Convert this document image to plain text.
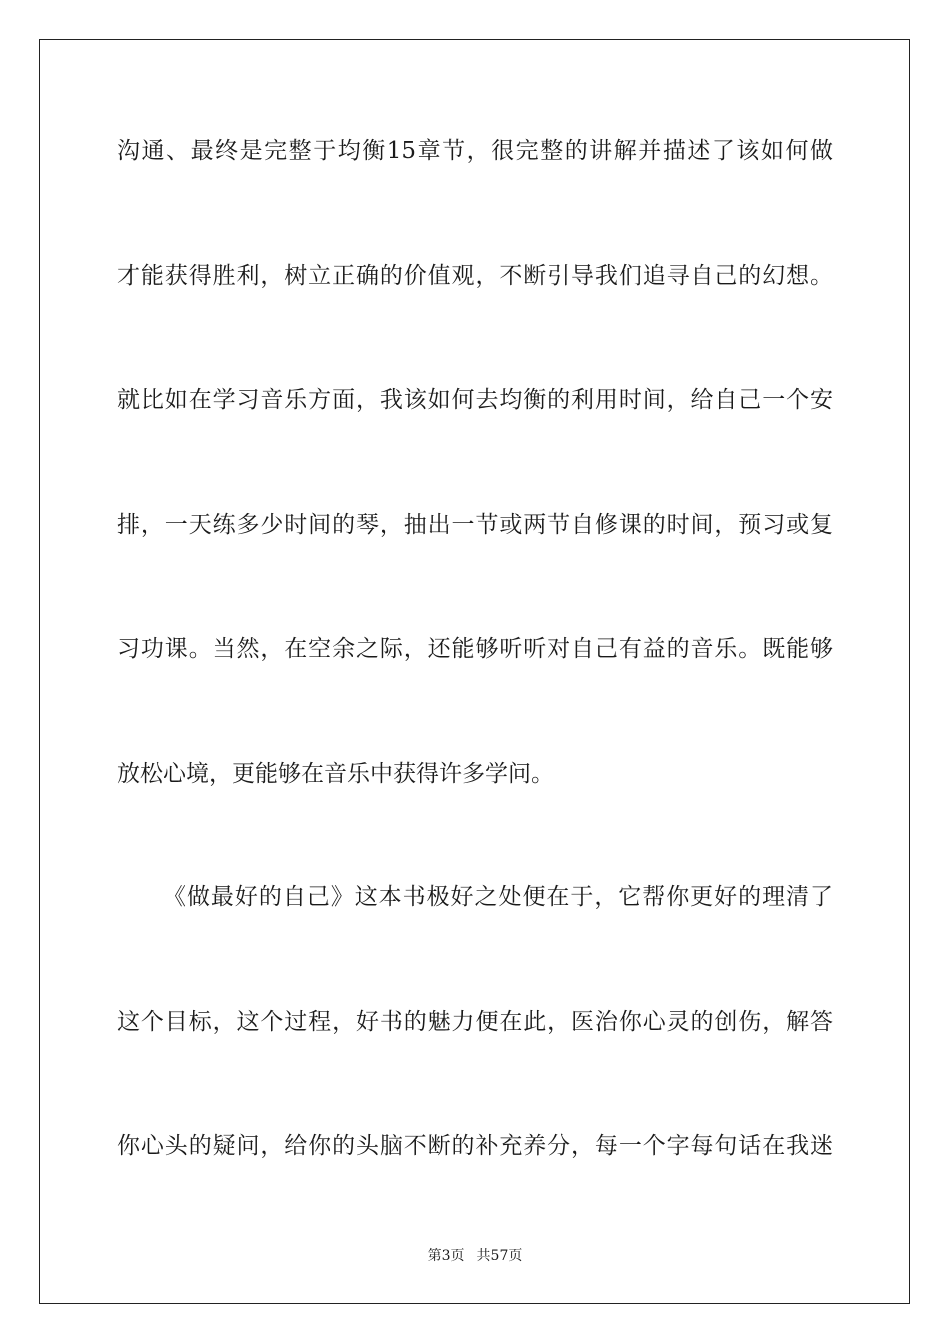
沟通、最终是完整于均衡15章节，很完整的讲解并描述了该如何做
才能获得胜利，树立正确的价值观，不断引导我们追寻自己的幻想。
就比如在学习音乐方面，我该如何去均衡的利用时间，给自己一个安
排，一天练多少时间的琴，抽出一节或两节自修课的时间，预习或复
习功课。当然，在空余之际，还能够听听对自己有益的音乐。既能够
放松心境，更能够在音乐中获得许多学问。
《做最好的自己》这本书极好之处便在于，它帮你更好的理清了
这个目标，这个过程，好书的魅力便在此，医治你心灵的创伤，解答
你心头的疑问，给你的头脑不断的补充养分，每一个字每句话在我迷
第3页 共57页
